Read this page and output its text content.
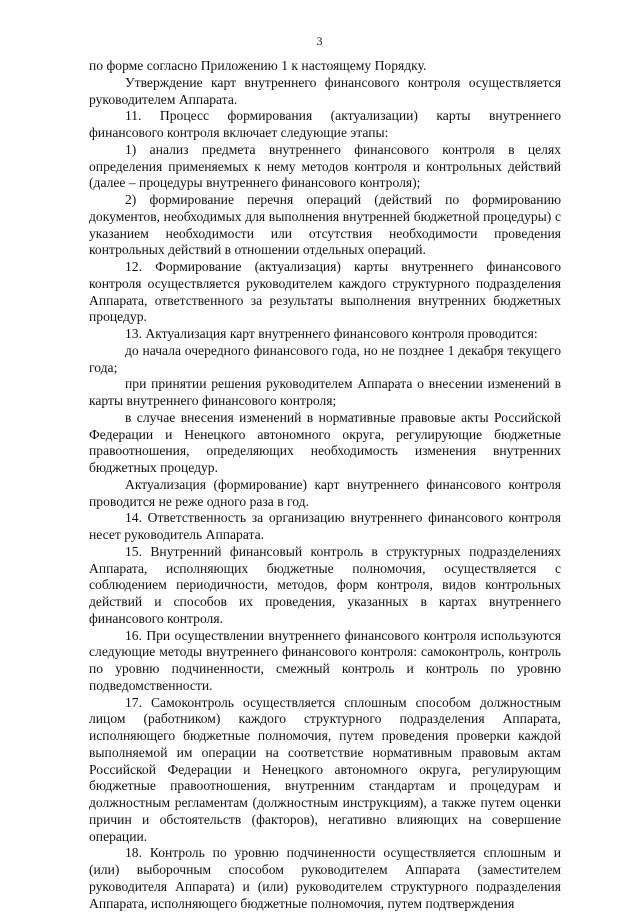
3

по форме согласно Приложению 1 к настоящему Порядку.

Утверждение карт внутреннего финансового контроля осуществляется руководителем Аппарата.

11. Процесс формирования (актуализации) карты внутреннего финансового контроля включает следующие этапы:

1) анализ предмета внутреннего финансового контроля в целях определения применяемых к нему методов контроля и контрольных действий (далее – процедуры внутреннего финансового контроля);

2) формирование перечня операций (действий по формированию документов, необходимых для выполнения внутренней бюджетной процедуры) с указанием необходимости или отсутствия необходимости проведения контрольных действий в отношении отдельных операций.

12. Формирование (актуализация) карты внутреннего финансового контроля осуществляется руководителем каждого структурного подразделения Аппарата, ответственного за результаты выполнения внутренних бюджетных процедур.

13. Актуализация карт внутреннего финансового контроля проводится:

до начала очередного финансового года, но не позднее 1 декабря текущего года;

при принятии решения руководителем Аппарата о внесении изменений в карты внутреннего финансового контроля;

в случае внесения изменений в нормативные правовые акты Российской Федерации и Ненецкого автономного округа, регулирующие бюджетные правоотношения, определяющих необходимость изменения внутренних бюджетных процедур.

Актуализация (формирование) карт внутреннего финансового контроля проводится не реже одного раза в год.

14. Ответственность за организацию внутреннего финансового контроля несет руководитель Аппарата.

15. Внутренний финансовый контроль в структурных подразделениях Аппарата, исполняющих бюджетные полномочия, осуществляется с соблюдением периодичности, методов, форм контроля, видов контрольных действий и способов их проведения, указанных в картах внутреннего финансового контроля.

16. При осуществлении внутреннего финансового контроля используются следующие методы внутреннего финансового контроля: самоконтроль, контроль по уровню подчиненности, смежный контроль и контроль по уровню подведомственности.

17. Самоконтроль осуществляется сплошным способом должностным лицом (работником) каждого структурного подразделения Аппарата, исполняющего бюджетные полномочия, путем проведения проверки каждой выполняемой им операции на соответствие нормативным правовым актам Российской Федерации и Ненецкого автономного округа, регулирующим бюджетные правоотношения, внутренним стандартам и процедурам и должностным регламентам (должностным инструкциям), а также путем оценки причин и обстоятельств (факторов), негативно влияющих на совершение операции.

18. Контроль по уровню подчиненности осуществляется сплошным и (или) выборочным способом руководителем Аппарата (заместителем руководителя Аппарата) и (или) руководителем структурного подразделения Аппарата, исполняющего бюджетные полномочия, путем подтверждения
